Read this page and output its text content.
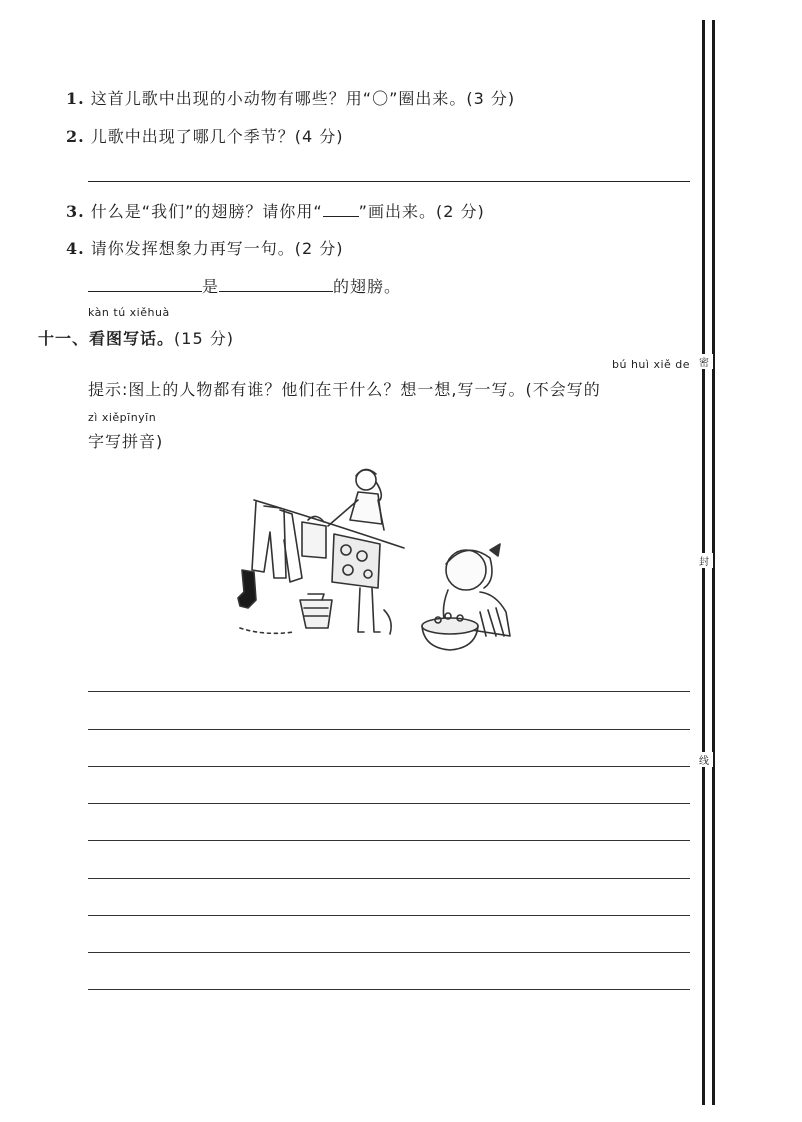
1. 这首儿歌中出现的小动物有哪些？用“〇”圈出来。(3 分)
2. 儿歌中出现了哪几个季节？(4 分)
3. 什么是“我们”的翅膀？请你用“ ”画出来。(2 分)
4. 请你发挥想象力再写一句。(2 分)
是	的翅膀。
kàn tú xiěhuà
十一、看图写话。(15 分)
bú huì xiě de
提示:图上的人物都有谁？他们在干什么？想一想,写一写。(不会写的
zì xiěpīnyīn
字写拼音)
密
封
线
